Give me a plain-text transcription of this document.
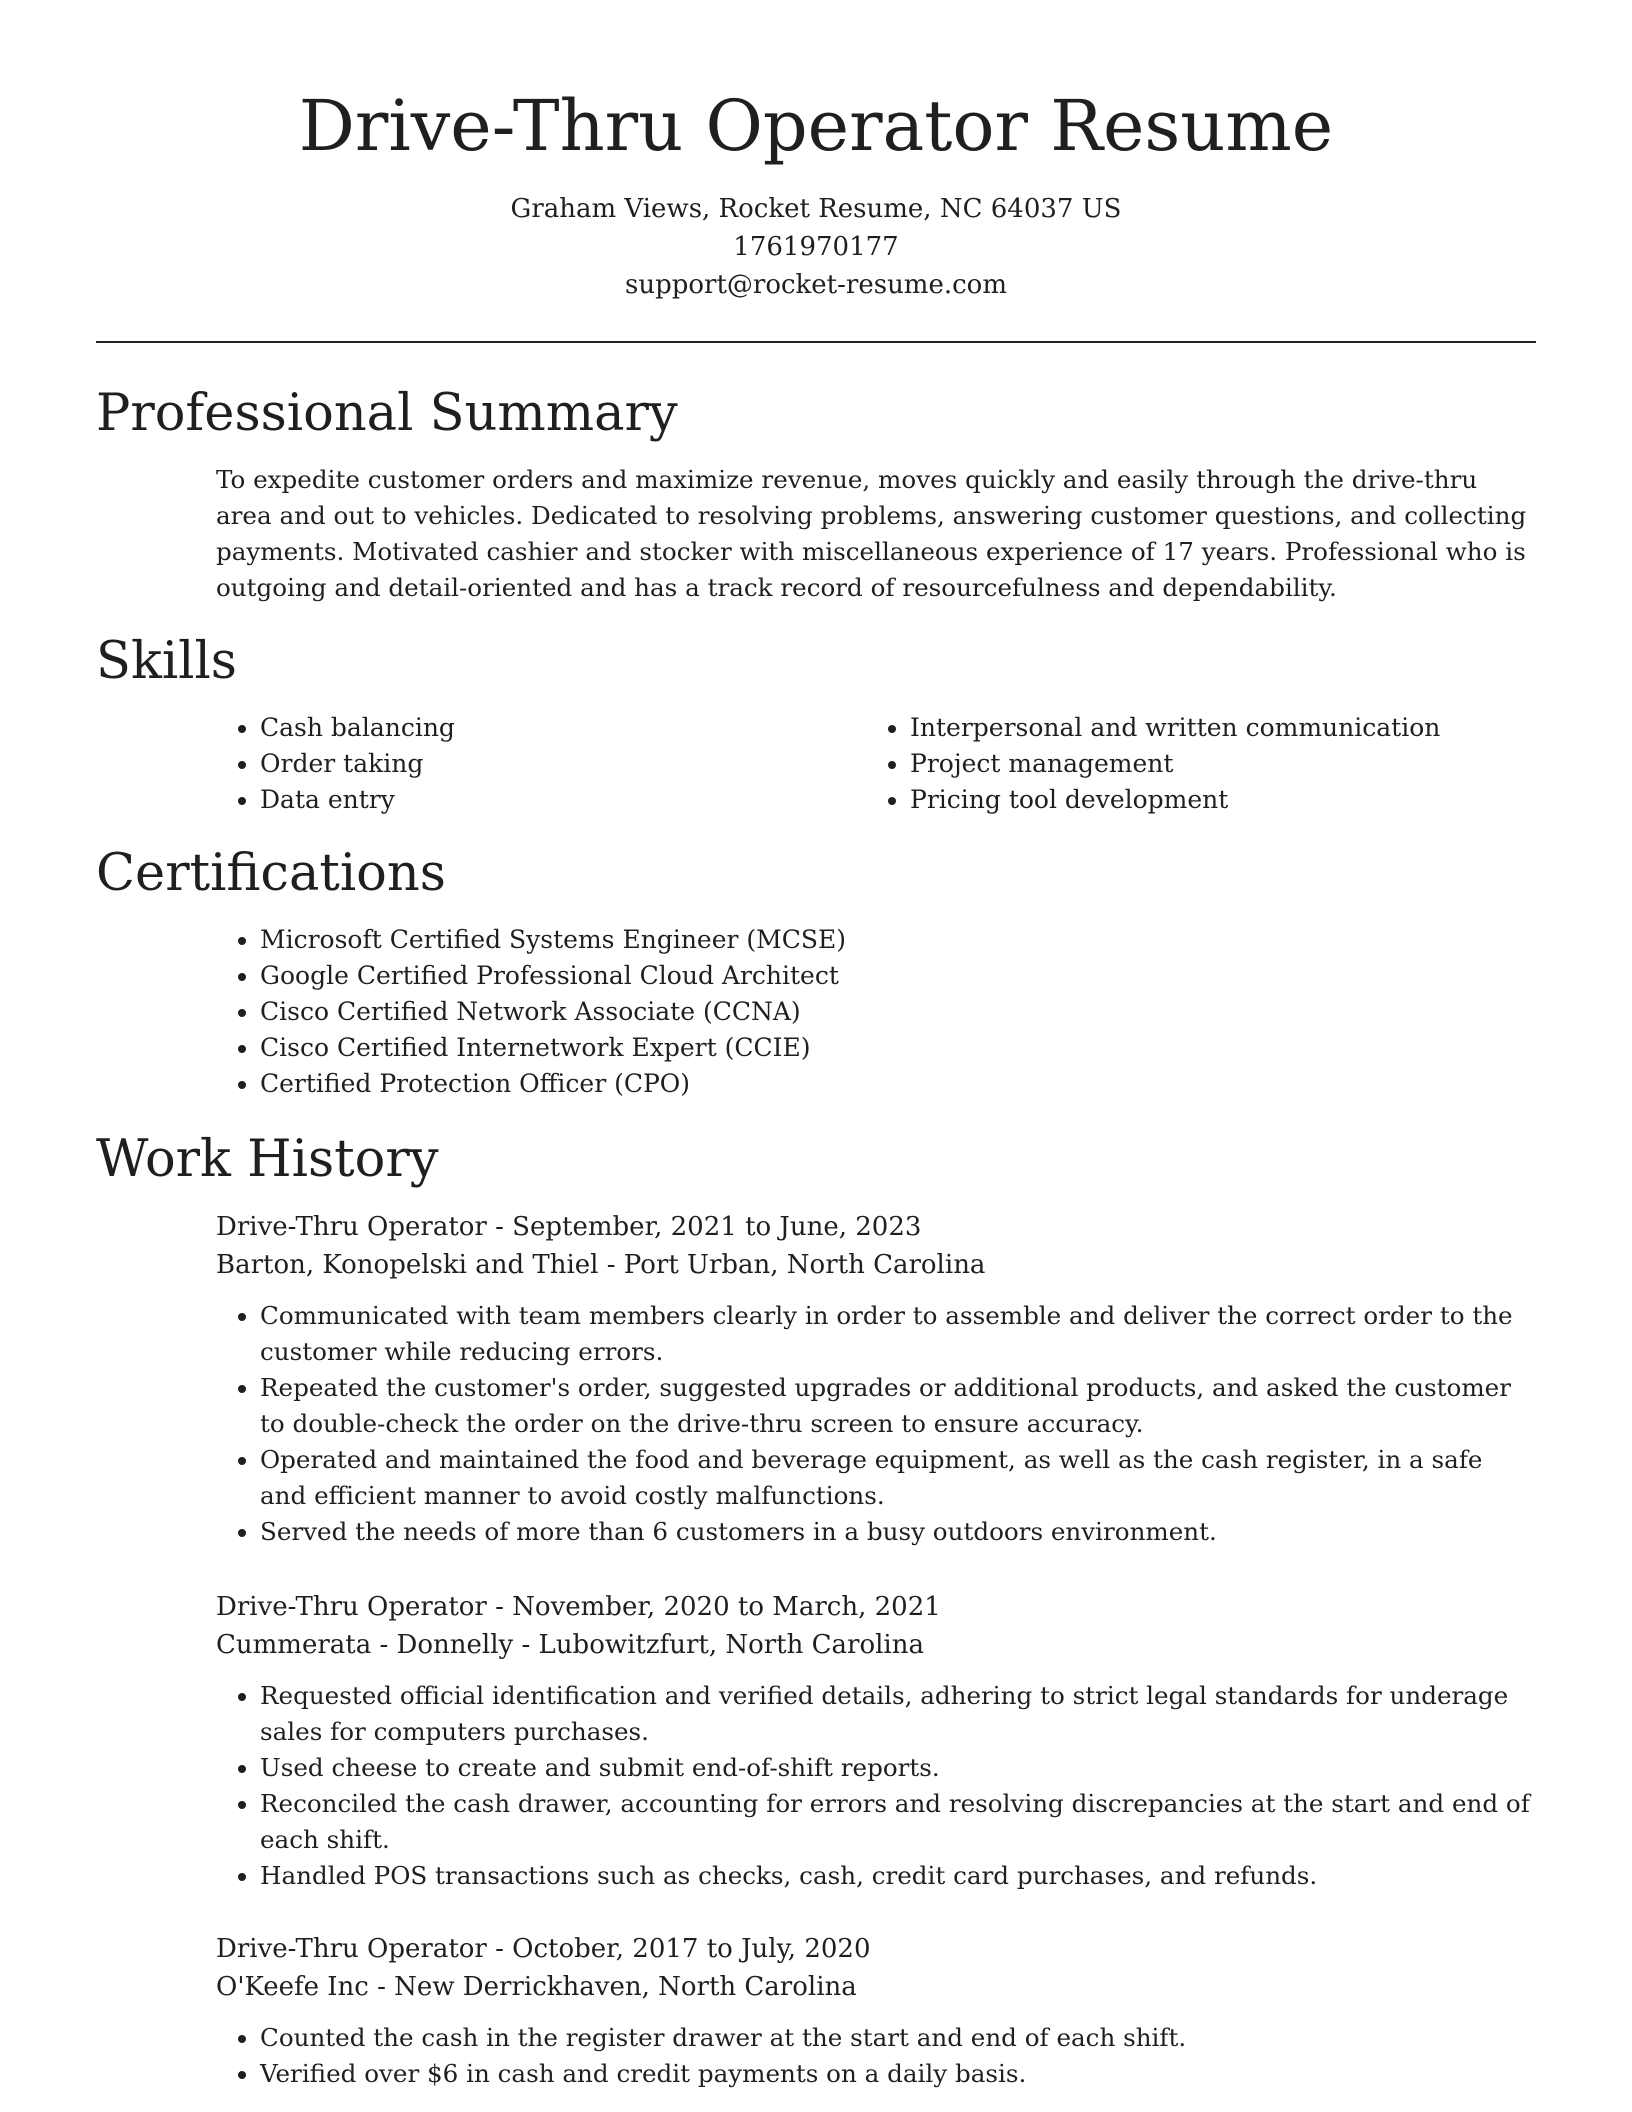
Drive-Thru Operator Resume
Graham Views, Rocket Resume, NC 64037 US
1761970177
support@rocket-resume.com
Professional Summary

To expedite customer orders and maximize revenue, moves quickly and easily through the drive-thru area and out to vehicles. Dedicated to resolving problems, answering customer questions, and collecting payments. Motivated cashier and stocker with miscellaneous experience of 17 years. Professional who is outgoing and detail-oriented and has a track record of resourcefulness and dependability.

Skills
• Cash balancing
• Order taking
• Data entry
• Interpersonal and written communication
• Project management
• Pricing tool development
Certifications
• Microsoft Certified Systems Engineer (MCSE)
• Google Certified Professional Cloud Architect
• Cisco Certified Network Associate (CCNA)
• Cisco Certified Internetwork Expert (CCIE)
• Certified Protection Officer (CPO)
Work History
Drive-Thru Operator - September, 2021 to June, 2023
Barton, Konopelski and Thiel - Port Urban, North Carolina
• Communicated with team members clearly in order to assemble and deliver the correct order to the customer while reducing errors.
• Repeated the customer's order, suggested upgrades or additional products, and asked the customer to double-check the order on the drive-thru screen to ensure accuracy.
• Operated and maintained the food and beverage equipment, as well as the cash register, in a safe and efficient manner to avoid costly malfunctions.
• Served the needs of more than 6 customers in a busy outdoors environment.
Drive-Thru Operator - November, 2020 to March, 2021
Cummerata - Donnelly - Lubowitzfurt, North Carolina
• Requested official identification and verified details, adhering to strict legal standards for underage sales for computers purchases.
• Used cheese to create and submit end-of-shift reports.
• Reconciled the cash drawer, accounting for errors and resolving discrepancies at the start and end of each shift.
• Handled POS transactions such as checks, cash, credit card purchases, and refunds.
Drive-Thru Operator - October, 2017 to July, 2020
O'Keefe Inc - New Derrickhaven, North Carolina
• Counted the cash in the register drawer at the start and end of each shift.
• Verified over $6 in cash and credit payments on a daily basis.
